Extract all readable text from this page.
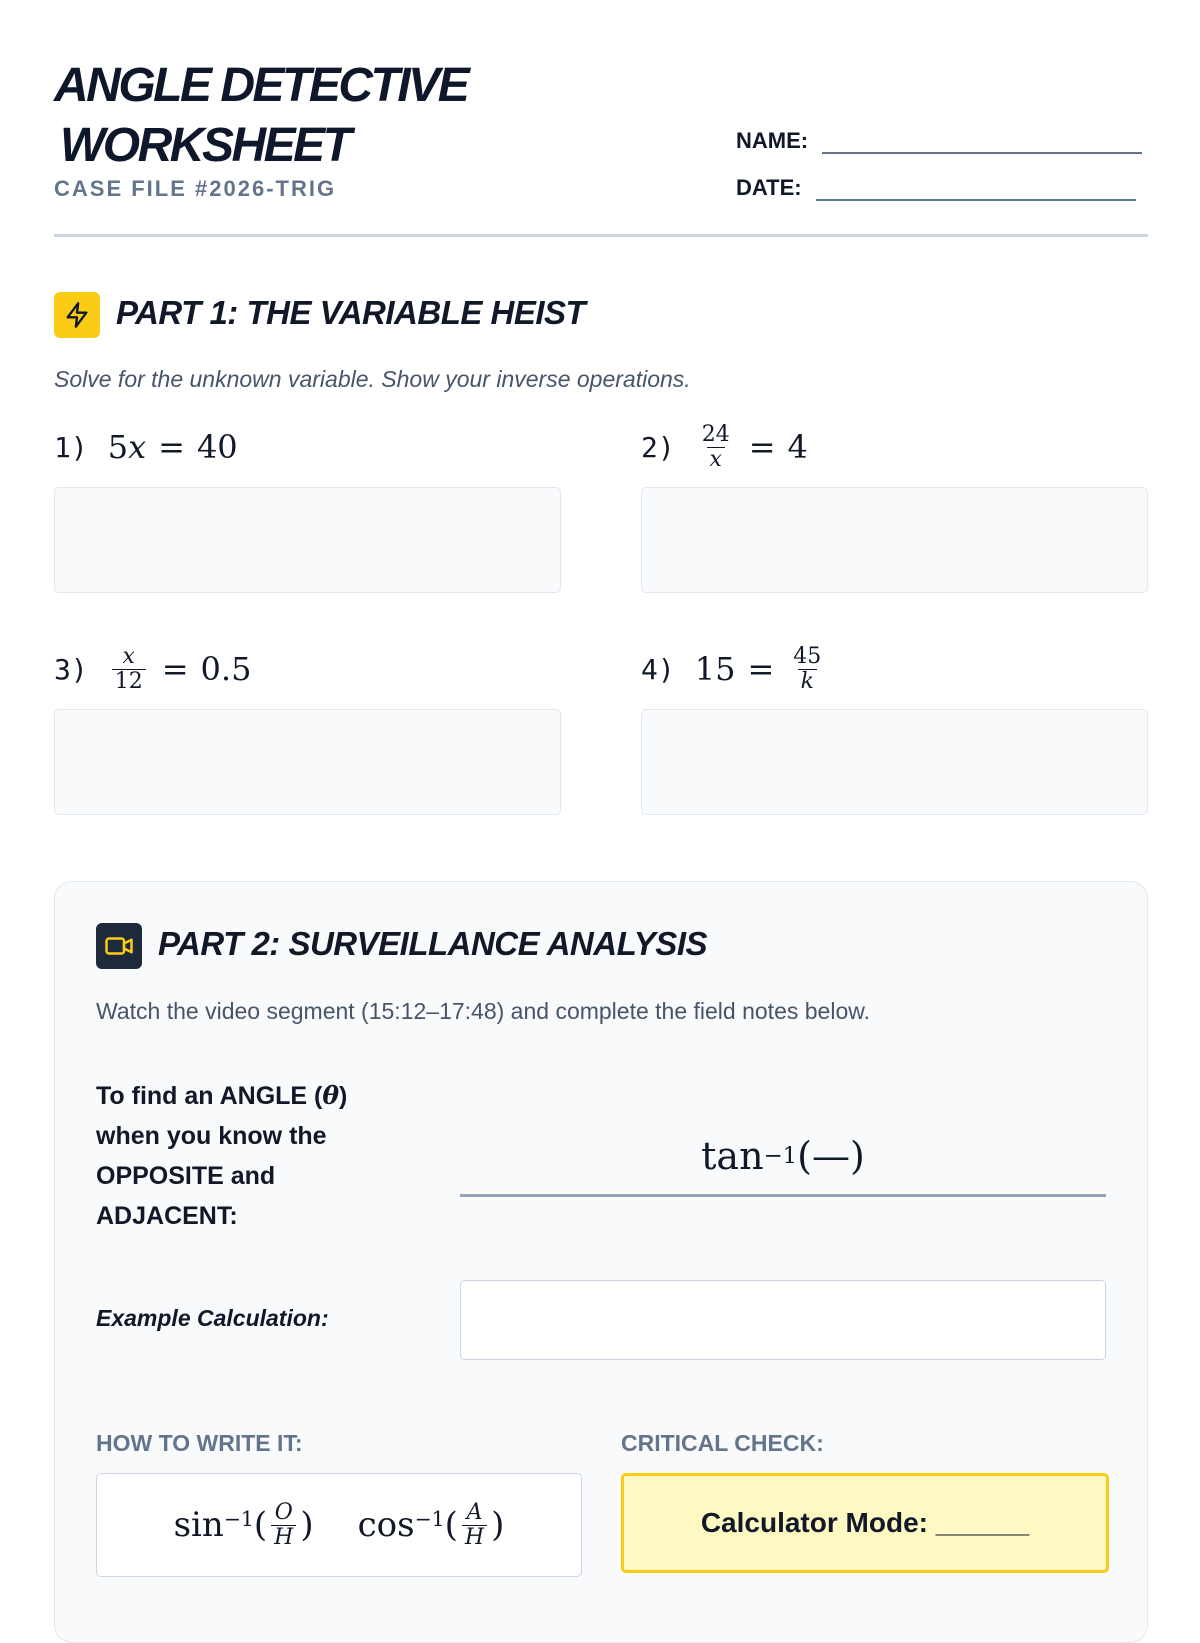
ANGLE DETECTIVE
WORKSHEET
CASE FILE #2026-TRIG
NAME:
DATE:
PART 1: THE VARIABLE HEIST
Solve for the unknown variable. Show your inverse operations.
1) 5x = 40	$2) \frac{24}{x} = 4$
$3) \frac{x}{12} = 0.5$	4) $15 = \frac{45}{k}$
PART 2: SURVEILLANCE ANALYSIS
Watch the video segment (15:12–17:48) and complete the field notes below.
To find an ANGLE (θ)
when you know the
OPPOSITE and
ADJACENT:
tan −1 ( — )
Example Calculation:
HOW TO WRITE IT:	CRITICAL CHECK:
sin −1 ( $\frac{O}{H}$ ) cos −1 ( $\frac{A}{H}$ )	Calculator Mode: ______
